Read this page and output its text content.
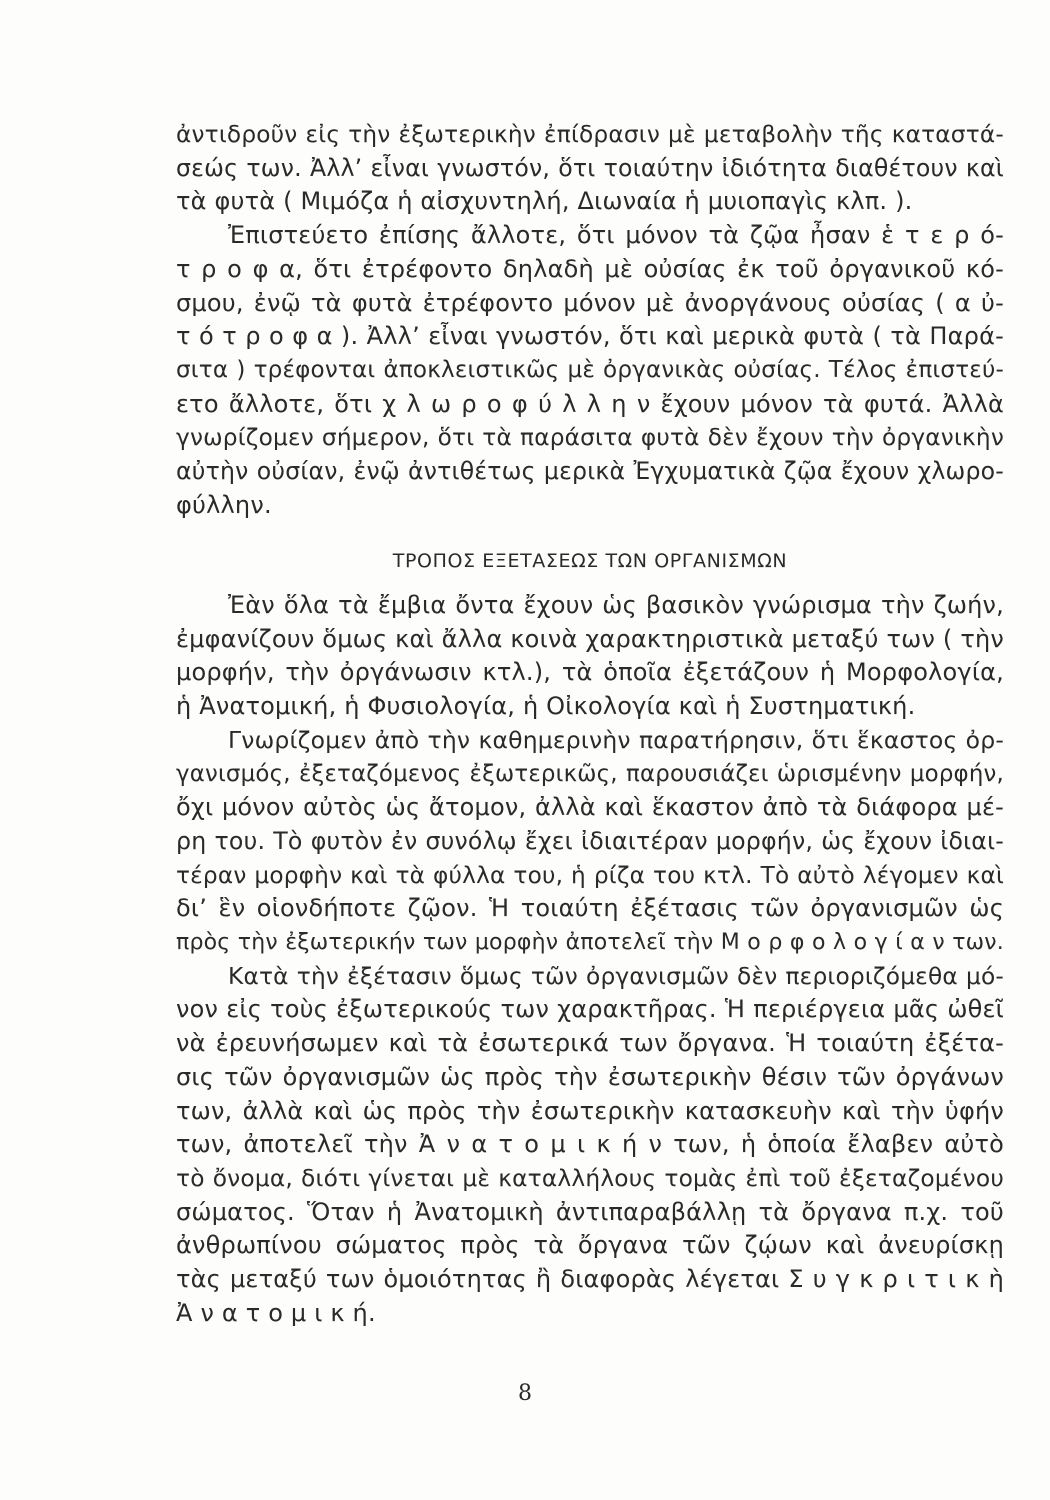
ἀντιδροῦν εἰς τὴν ἐξωτερικὴν ἐπίδρασιν μὲ μεταβολὴν τῆς καταστά-
σεώς των. Ἀλλ’ εἶναι γνωστόν, ὅτι τοιαύτην ἰδιότητα διαθέτουν καὶ
τὰ φυτὰ ( Μιμόζα ἡ αἰσχυντηλή, Διωναία ἡ μυιοπαγὶς κλπ. ).
Ἐπιστεύετο ἐπίσης ἄλλοτε, ὅτι μόνον τὰ ζῷα ἦσαν ἑ τ ε ρ ό-
τ ρ ο φ α, ὅτι ἐτρέφοντο δηλαδὴ μὲ οὐσίας ἐκ τοῦ ὀργανικοῦ κό-
σμου, ἐνῷ τὰ φυτὰ ἐτρέφοντο μόνον μὲ ἀνοργάνους οὐσίας ( α ὐ-
τ ό τ ρ ο φ α ). Ἀλλ’ εἶναι γνωστόν, ὅτι καὶ μερικὰ φυτὰ ( τὰ Παρά-
σιτα ) τρέφονται ἀποκλειστικῶς μὲ ὀργανικὰς οὐσίας. Τέλος ἐπιστεύ-
ετο ἄλλοτε, ὅτι χ λ ω ρ ο φ ύ λ λ η ν ἔχουν μόνον τὰ φυτά. Ἀλλὰ
γνωρίζομεν σήμερον, ὅτι τὰ παράσιτα φυτὰ δὲν ἔχουν τὴν ὀργανικὴν
αὐτὴν οὐσίαν, ἐνῷ ἀντιθέτως μερικὰ Ἐγχυματικὰ ζῷα ἔχουν χλωρο-
φύλλην.
ΤΡΟΠΟΣ ΕΞΕΤΑΣΕΩΣ ΤΩΝ ΟΡΓΑΝΙΣΜΩΝ
Ἐὰν ὅλα τὰ ἔμβια ὄντα ἔχουν ὡς βασικὸν γνώρισμα τὴν ζωήν,
ἐμφανίζουν ὅμως καὶ ἄλλα κοινὰ χαρακτηριστικὰ μεταξύ των ( τὴν
μορφήν, τὴν ὀργάνωσιν κτλ.), τὰ ὁποῖα ἐξετάζουν ἡ Μορφολογία,
ἡ Ἀνατομική, ἡ Φυσιολογία, ἡ Οἰκολογία καὶ ἡ Συστηματική.
Γνωρίζομεν ἀπὸ τὴν καθημερινὴν παρατήρησιν, ὅτι ἕκαστος ὀρ-
γανισμός, ἐξεταζόμενος ἐξωτερικῶς, παρουσιάζει ὡρισμένην μορφήν,
ὄχι μόνον αὐτὸς ὡς ἄτομον, ἀλλὰ καὶ ἕκαστον ἀπὸ τὰ διάφορα μέ-
ρη του. Τὸ φυτὸν ἐν συνόλῳ ἔχει ἰδιαιτέραν μορφήν, ὡς ἔχουν ἰδιαι-
τέραν μορφὴν καὶ τὰ φύλλα του, ἡ ρίζα του κτλ. Τὸ αὐτὸ λέγομεν καὶ
δι’ ἓν οἱονδήποτε ζῷον. Ἡ τοιαύτη ἐξέτασις τῶν ὀργανισμῶν ὡς
πρὸς τὴν ἐξωτερικήν των μορφὴν ἀποτελεῖ τὴν Μ ο ρ φ ο λ ο γ ί α ν των.
Κατὰ τὴν ἐξέτασιν ὅμως τῶν ὀργανισμῶν δὲν περιοριζόμεθα μό-
νον εἰς τοὺς ἐξωτερικούς των χαρακτῆρας. Ἡ περιέργεια μᾶς ὠθεῖ
νὰ ἐρευνήσωμεν καὶ τὰ ἐσωτερικά των ὄργανα. Ἡ τοιαύτη ἐξέτα-
σις τῶν ὀργανισμῶν ὡς πρὸς τὴν ἐσωτερικὴν θέσιν τῶν ὀργάνων
των, ἀλλὰ καὶ ὡς πρὸς τὴν ἐσωτερικὴν κατασκευὴν καὶ τὴν ὑφήν
των, ἀποτελεῖ τὴν Ἀ ν α τ ο μ ι κ ή ν των, ἡ ὁποία ἔλαβεν αὐτὸ
τὸ ὄνομα, διότι γίνεται μὲ καταλλήλους τομὰς ἐπὶ τοῦ ἐξεταζομένου
σώματος. Ὅταν ἡ Ἀνατομικὴ ἀντιπαραβάλλῃ τὰ ὄργανα π.χ. τοῦ
ἀνθρωπίνου σώματος πρὸς τὰ ὄργανα τῶν ζῴων καὶ ἀνευρίσκῃ
τὰς μεταξύ των ὁμοιότητας ἢ διαφορὰς λέγεται Σ υ γ κ ρ ι τ ι κ ὴ
Ἀ ν α τ ο μ ι κ ή.
8
